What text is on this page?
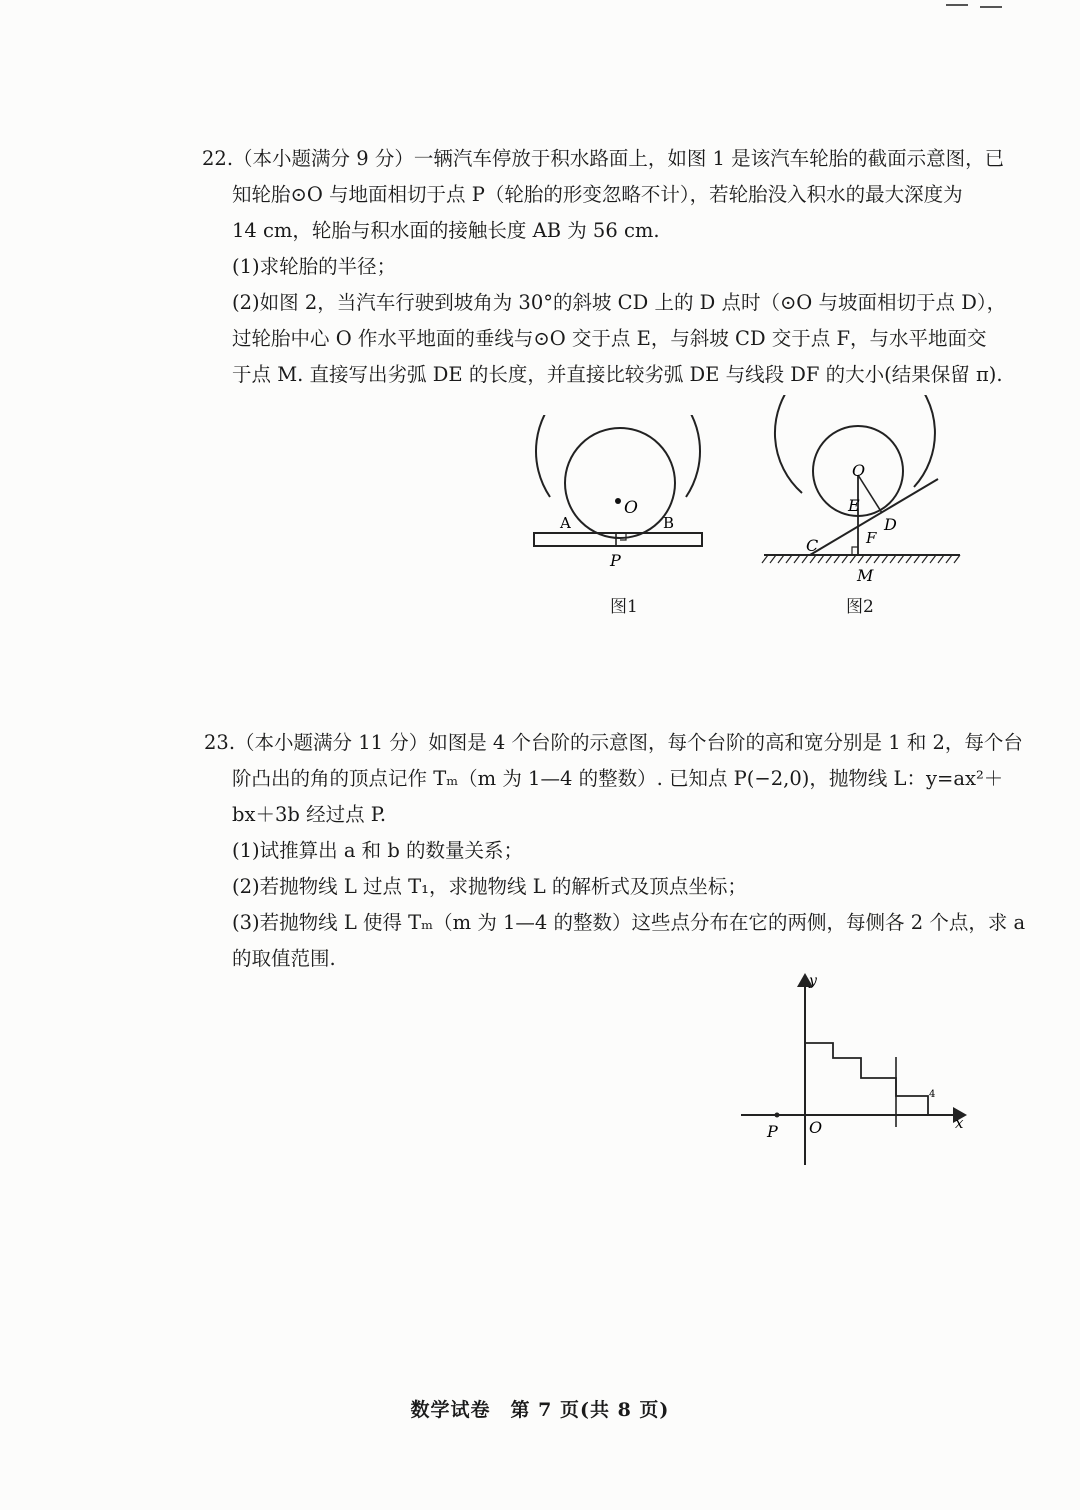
22.（本小题满分 9 分）一辆汽车停放于积水路面上，如图 1 是该汽车轮胎的截面示意图，已
知轮胎⊙O 与地面相切于点 P（轮胎的形变忽略不计），若轮胎没入积水的最大深度为
14 cm，轮胎与积水面的接触长度 AB 为 56 cm.
(1)求轮胎的半径；
(2)如图 2，当汽车行驶到坡角为 30°的斜坡 CD 上的 D 点时（⊙O 与坡面相切于点 D），
过轮胎中心 O 作水平地面的垂线与⊙O 交于点 E，与斜坡 CD 交于点 F，与水平地面交
于点 M. 直接写出劣弧 DE 的长度，并直接比较劣弧 DE 与线段 DF 的大小(结果保留 π).
O
A	B
P
图1
O
E
D
F
C
M
图2
23.（本小题满分 11 分）如图是 4 个台阶的示意图，每个台阶的高和宽分别是 1 和 2，每个台
阶凸出的角的顶点记作 Tₘ（m 为 1—4 的整数）. 已知点 P(−2,0)，抛物线 L：y=ax²＋
bx＋3b 经过点 P.
(1)试推算出 a 和 b 的数量关系；
(2)若抛物线 L 过点 T₁，求抛物线 L 的解析式及顶点坐标；
(3)若抛物线 L 使得 Tₘ（m 为 1—4 的整数）这些点分布在它的两侧，每侧各 2 个点，求 a
的取值范围.
y
x
O
P
4
数学试卷　第 7 页(共 8 页)
